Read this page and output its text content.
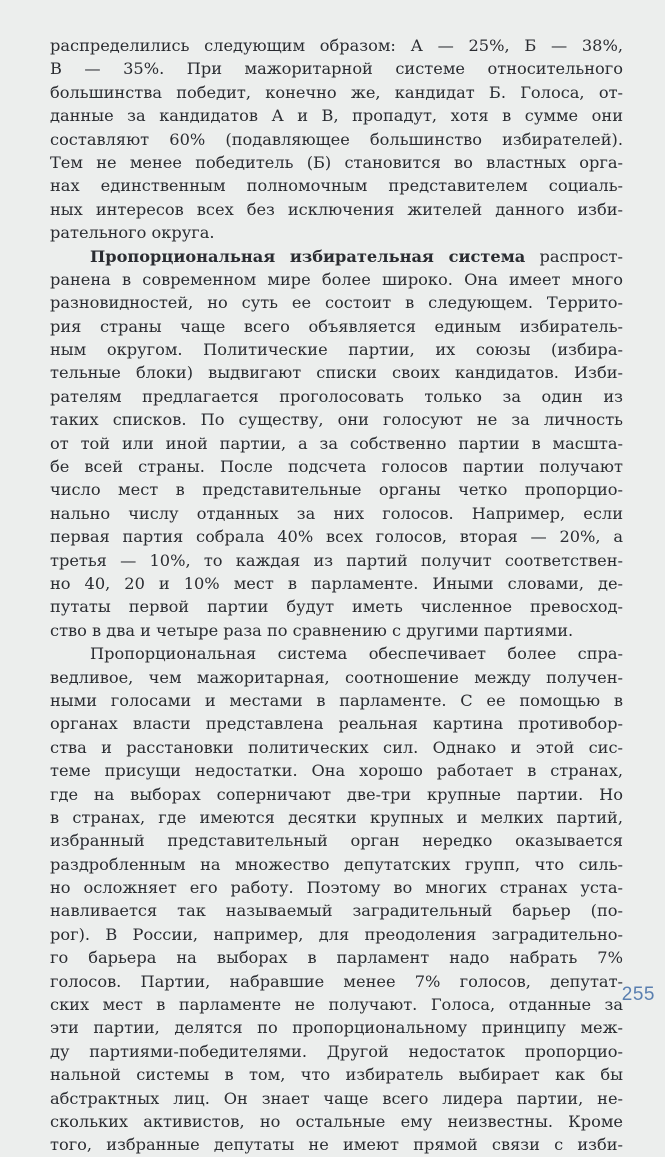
распределились следующим образом: А — 25%, Б — 38%,
В — 35%. При мажоритарной системе относительного
большинства победит, конечно же, кандидат Б. Голоса, от-
данные за кандидатов А и В, пропадут, хотя в сумме они
составляют 60% (подавляющее большинство избирателей).
Тем не менее победитель (Б) становится во властных орга-
нах единственным полномочным представителем социаль-
ных интересов всех без исключения жителей данного изби-
рательного округа.
Пропорциональная избирательная система распрост-
ранена в современном мире более широко. Она имеет много
разновидностей, но суть ее состоит в следующем. Террито-
рия страны чаще всего объявляется единым избиратель-
ным округом. Политические партии, их союзы (избира-
тельные блоки) выдвигают списки своих кандидатов. Изби-
рателям предлагается проголосовать только за один из
таких списков. По существу, они голосуют не за личность
от той или иной партии, а за собственно партии в масшта-
бе всей страны. После подсчета голосов партии получают
число мест в представительные органы четко пропорцио-
нально числу отданных за них голосов. Например, если
первая партия собрала 40% всех голосов, вторая — 20%, а
третья — 10%, то каждая из партий получит соответствен-
но 40, 20 и 10% мест в парламенте. Иными словами, де-
путаты первой партии будут иметь численное превосход-
ство в два и четыре раза по сравнению с другими партиями.
Пропорциональная система обеспечивает более спра-
ведливое, чем мажоритарная, соотношение между получен-
ными голосами и местами в парламенте. С ее помощью в
органах власти представлена реальная картина противобор-
ства и расстановки политических сил. Однако и этой сис-
теме присущи недостатки. Она хорошо работает в странах,
где на выборах соперничают две-три крупные партии. Но
в странах, где имеются десятки крупных и мелких партий,
избранный представительный орган нередко оказывается
раздробленным на множество депутатских групп, что силь-
но осложняет его работу. Поэтому во многих странах уста-
навливается так называемый заградительный барьер (по-
рог). В России, например, для преодоления заградительно-
го барьера на выборах в парламент надо набрать 7%
голосов. Партии, набравшие менее 7% голосов, депутат-
ских мест в парламенте не получают. Голоса, отданные за
эти партии, делятся по пропорциональному принципу меж-
ду партиями-победителями. Другой недостаток пропорцио-
нальной системы в том, что избиратель выбирает как бы
абстрактных лиц. Он знает чаще всего лидера партии, не-
скольких активистов, но остальные ему неизвестны. Кроме
того, избранные депутаты не имеют прямой связи с изби-
255
